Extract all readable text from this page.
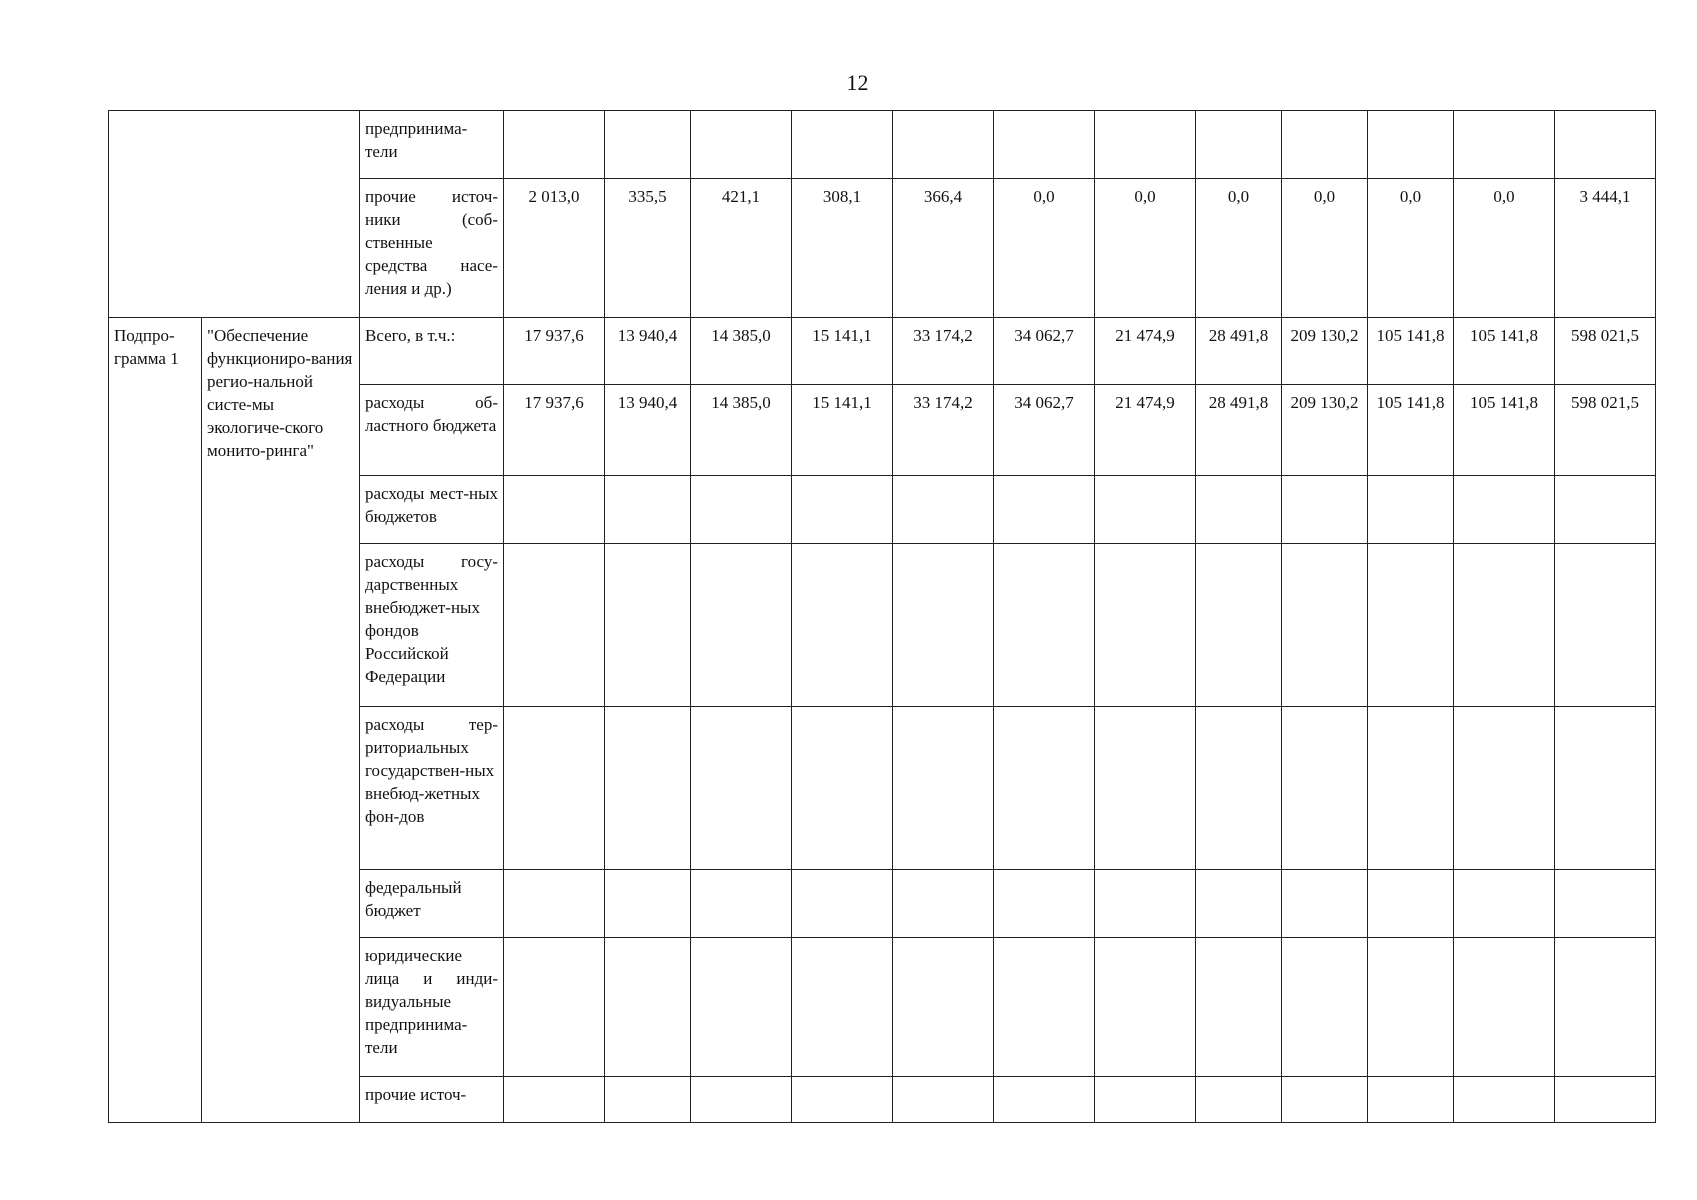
12
		предпринима-тели												
		прочие источ-ники (соб-ственные средства насе-ления и др.)	2 013,0	335,5	421,1	308,1	366,4	0,0	0,0	0,0	0,0	0,0	0,0	3 444,1
Подпро-грамма 1	"Обеспечение функциониро-вания регио-нальной систе-мы экологиче-ского монито-ринга"	Всего, в т.ч.:	17 937,6	13 940,4	14 385,0	15 141,1	33 174,2	34 062,7	21 474,9	28 491,8	209 130,2	105 141,8	105 141,8	598 021,5
		расходы об-ластного бюджета	17 937,6	13 940,4	14 385,0	15 141,1	33 174,2	34 062,7	21 474,9	28 491,8	209 130,2	105 141,8	105 141,8	598 021,5
		расходы мест-ных бюджетов												
		расходы госу-дарственных внебюджет-ных фондов Российской Федерации												
		расходы тер-риториальных государствен-ных внебюд-жетных фон-дов												
		федеральный бюджет												
		юридические лица и инди-видуальные предпринима-тели												
		прочие источ-												
